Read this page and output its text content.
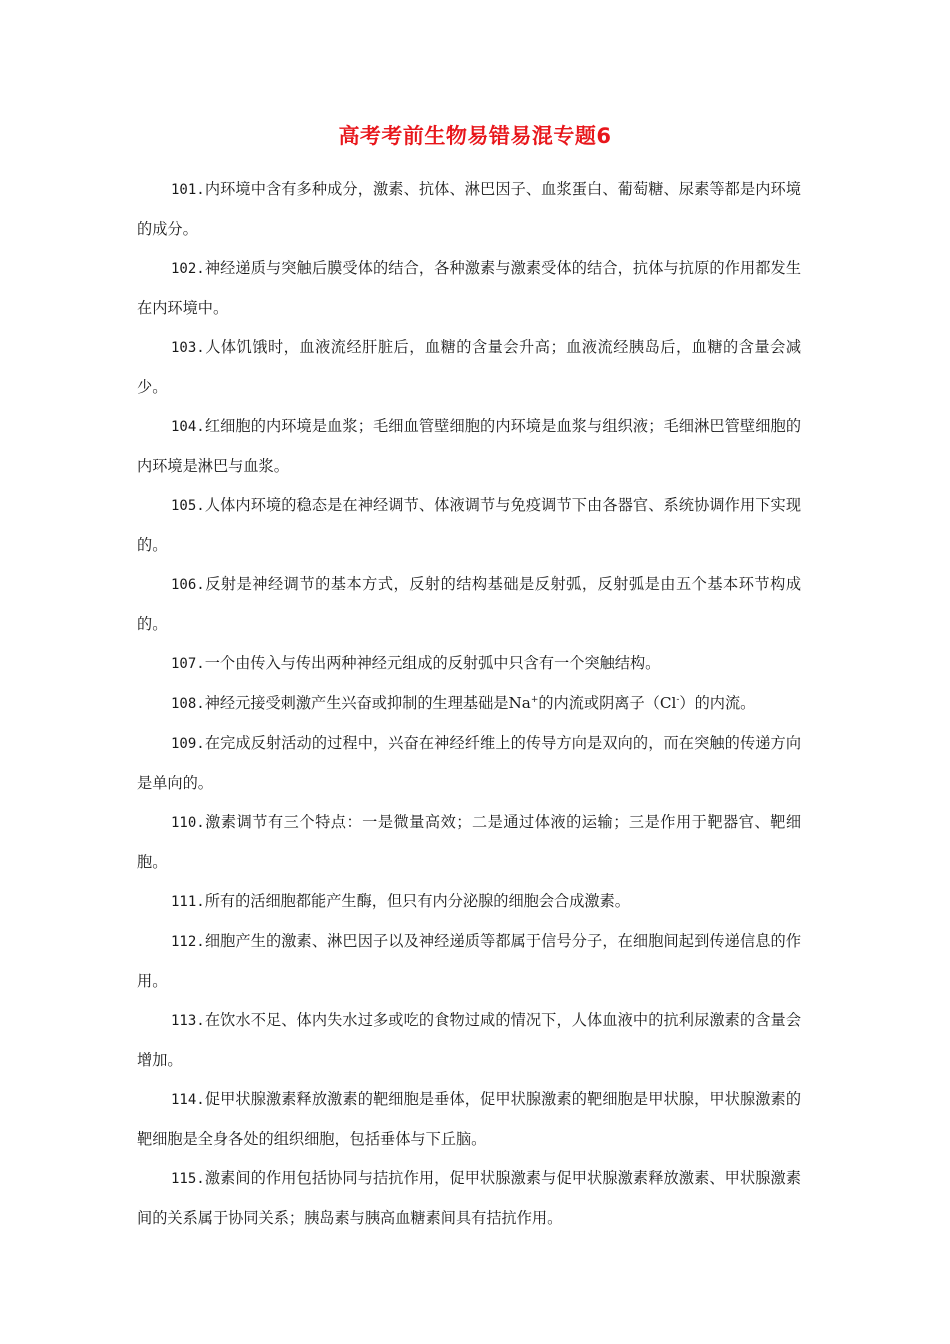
高考考前生物易错易混专题6

101.内环境中含有多种成分，激素、抗体、淋巴因子、血浆蛋白、葡萄糖、尿素等都是内环境的成分。

102.神经递质与突触后膜受体的结合，各种激素与激素受体的结合，抗体与抗原的作用都发生在内环境中。

103.人体饥饿时，血液流经肝脏后，血糖的含量会升高；血液流经胰岛后，血糖的含量会减少。

104.红细胞的内环境是血浆；毛细血管壁细胞的内环境是血浆与组织液；毛细淋巴管壁细胞的内环境是淋巴与血浆。

105.人体内环境的稳态是在神经调节、体液调节与免疫调节下由各器官、系统协调作用下实现的。

106.反射是神经调节的基本方式，反射的结构基础是反射弧，反射弧是由五个基本环节构成的。

107.一个由传入与传出两种神经元组成的反射弧中只含有一个突触结构。

108.神经元接受刺激产生兴奋或抑制的生理基础是Na+的内流或阴离子（Cl-）的内流。

109.在完成反射活动的过程中，兴奋在神经纤维上的传导方向是双向的，而在突触的传递方向是单向的。

110.激素调节有三个特点：一是微量高效；二是通过体液的运输；三是作用于靶器官、靶细胞。

111.所有的活细胞都能产生酶，但只有内分泌腺的细胞会合成激素。

112.细胞产生的激素、淋巴因子以及神经递质等都属于信号分子，在细胞间起到传递信息的作用。

113.在饮水不足、体内失水过多或吃的食物过咸的情况下，人体血液中的抗利尿激素的含量会增加。

114.促甲状腺激素释放激素的靶细胞是垂体，促甲状腺激素的靶细胞是甲状腺，甲状腺激素的靶细胞是全身各处的组织细胞，包括垂体与下丘脑。

115.激素间的作用包括协同与拮抗作用，促甲状腺激素与促甲状腺激素释放激素、甲状腺激素间的关系属于协同关系；胰岛素与胰高血糖素间具有拮抗作用。
